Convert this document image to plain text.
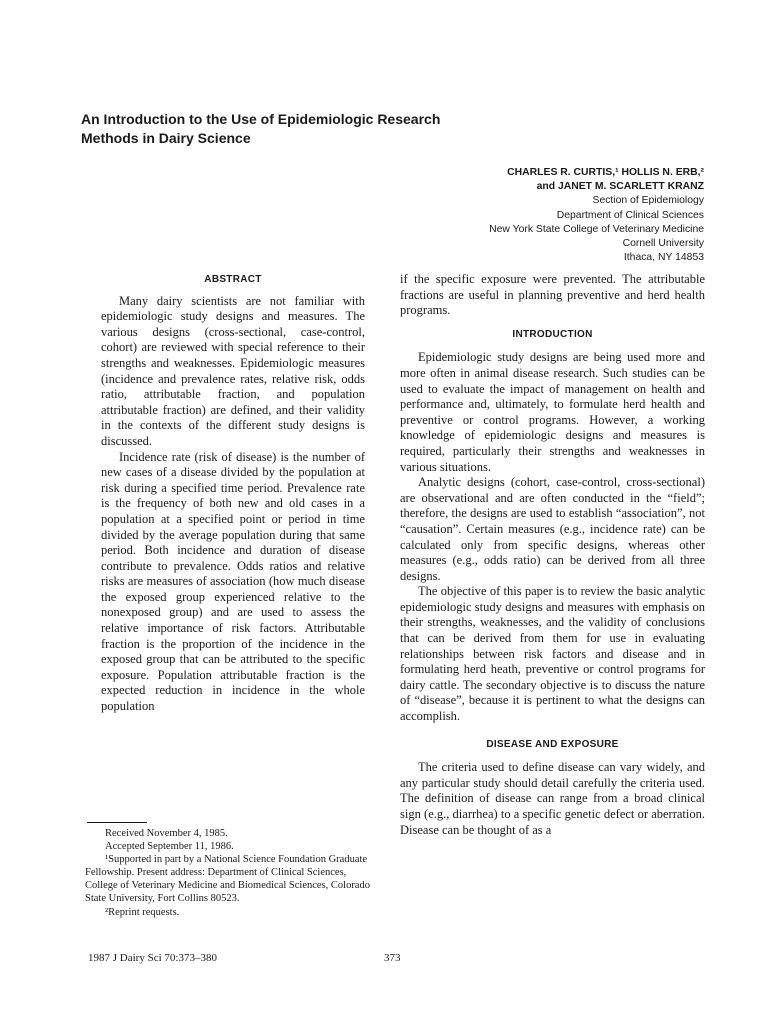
An Introduction to the Use of Epidemiologic Research
Methods in Dairy Science
CHARLES R. CURTIS,¹ HOLLIS N. ERB,²
and JANET M. SCARLETT KRANZ
Section of Epidemiology
Department of Clinical Sciences
New York State College of Veterinary Medicine
Cornell University
Ithaca, NY 14853
ABSTRACT

Many dairy scientists are not familiar with epidemiologic study designs and measures. The various designs (cross-sectional, case-control, cohort) are reviewed with special reference to their strengths and weaknesses. Epidemiologic measures (incidence and prevalence rates, relative risk, odds ratio, attributable fraction, and population attributable fraction) are defined, and their validity in the contexts of the different study designs is discussed.

Incidence rate (risk of disease) is the number of new cases of a disease divided by the population at risk during a specified time period. Prevalence rate is the frequency of both new and old cases in a population at a specified point or period in time divided by the average population during that same period. Both incidence and duration of disease contribute to prevalence. Odds ratios and relative risks are measures of association (how much disease the exposed group experienced relative to the nonexposed group) and are used to assess the relative importance of risk factors. Attributable fraction is the proportion of the incidence in the exposed group that can be attributed to the specific exposure. Population attributable fraction is the expected reduction in incidence in the whole population

if the specific exposure were prevented. The attributable fractions are useful in planning preventive and herd health programs.

INTRODUCTION

Epidemiologic study designs are being used more and more often in animal disease research. Such studies can be used to evaluate the impact of management on health and performance and, ultimately, to formulate herd health and preventive or control programs. However, a working knowledge of epidemiologic designs and measures is required, particularly their strengths and weaknesses in various situations.

Analytic designs (cohort, case-control, cross-sectional) are observational and are often conducted in the “field”; therefore, the designs are used to establish “association”, not “causation”. Certain measures (e.g., incidence rate) can be calculated only from specific designs, whereas other measures (e.g., odds ratio) can be derived from all three designs.

The objective of this paper is to review the basic analytic epidemiologic study designs and measures with emphasis on their strengths, weaknesses, and the validity of conclusions that can be derived from them for use in evaluating relationships between risk factors and disease and in formulating herd heath, preventive or control programs for dairy cattle. The secondary objective is to discuss the nature of “disease”, because it is pertinent to what the designs can accomplish.

DISEASE AND EXPOSURE

The criteria used to define disease can vary widely, and any particular study should detail carefully the criteria used. The definition of disease can range from a broad clinical sign (e.g., diarrhea) to a specific genetic defect or aberration. Disease can be thought of as a

Received November 4, 1985.

Accepted September 11, 1986.

¹Supported in part by a National Science Foundation Graduate Fellowship. Present address: Department of Clinical Sciences, College of Veterinary Medicine and Biomedical Sciences, Colorado State University, Fort Collins 80523.

²Reprint requests.

1987 J Dairy Sci 70:373–380	373
